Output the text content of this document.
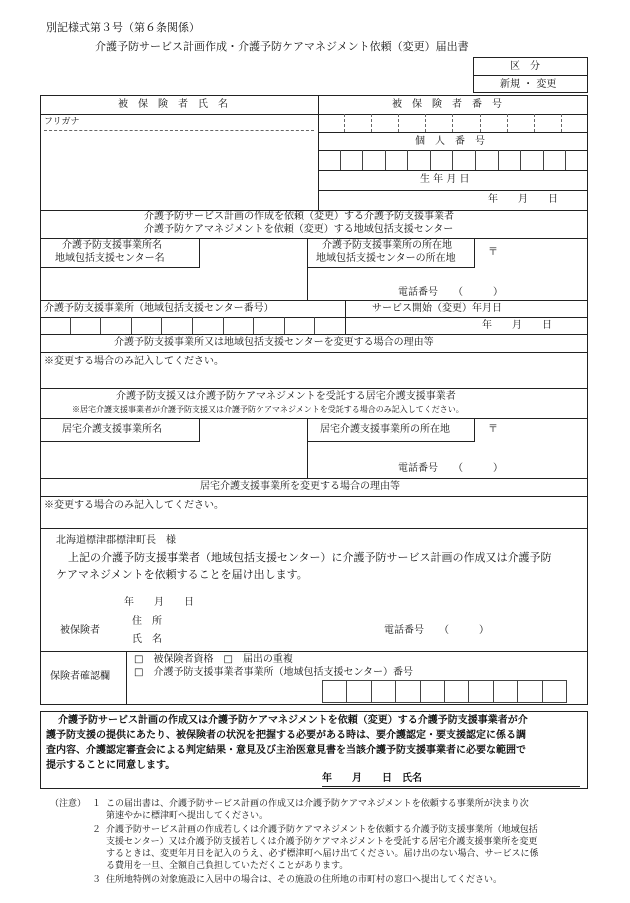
別記様式第３号（第６条関係）
介護予防サービス計画作成・介護予防ケアマネジメント依頼（変更）届出書
区　分
新規 ・ 変更
被　保　険　者　氏　名	被　保　険　者　番　号
フリガナ
個　人　番　号
生 年 月 日
年　　月　　日
介護予防サービス計画の作成を依頼（変更）する介護予防支援事業者
介護予防ケアマネジメントを依頼（変更）する地域包括支援センター
介護予防支援事業所名
地域包括支援センター名
介護予防支援事業所の所在地
地域包括支援センターの所在地
〒
電話番号　　（　　　）
介護予防支援事業所（地域包括支援センター番号）	サービス開始（変更）年月日
年　　月　　日
介護予防支援事業所又は地域包括支援センターを変更する場合の理由等
※変更する場合のみ記入してください。
介護予防支援又は介護予防ケアマネジメントを受託する居宅介護支援事業者
※居宅介護支援事業者が介護予防支援又は介護予防ケアマネジメントを受託する場合のみ記入してください。
居宅介護支援事業所名	居宅介護支援事業所の所在地	〒
電話番号　　（　　　）
居宅介護支援事業所を変更する場合の理由等
※変更する場合のみ記入してください。
北海道標津郡標津町長　様
上記の介護予防支援事業者（地域包括支援センター）に介護予防サービス計画の作成又は介護予防
ケアマネジメントを依頼することを届け出します。
年　　月　　日
被保険者
住　所
氏　名
電話番号　　（　　　）
保険者確認欄
□　被保険者資格　□　届出の重複
□　介護予防支援事業者事業所（地域包括支援センター）番号
介護予防サービス計画の作成又は介護予防ケアマネジメントを依頼（変更）する介護予防支援事業者が介
護予防支援の提供にあたり、被保険者の状況を把握する必要がある時は、要介護認定・要支援認定に係る調
査内容、介護認定審査会による判定結果・意見及び主治医意見書を当該介護予防支援事業者に必要な範囲で
提示することに同意します。
年　　月　　日　氏名
（注意） １ この届出書は、介護予防サービス計画の作成又は介護予防ケアマネジメントを依頼する事業所が決まり次
第速やかに標津町へ提出してください。
２ 介護予防サービス計画の作成若しくは介護予防ケアマネジメントを依頼する介護予防支援事業所（地域包括
支援センター）又は介護予防支援若しくは介護予防ケアマネジメントを受託する居宅介護支援事業所を変更
するときは、変更年月日を記入のうえ、必ず標津町へ届け出てください。届け出のない場合、サービスに係
る費用を一旦、全額自己負担していただくことがあります。
３ 住所地特例の対象施設に入居中の場合は、その施設の住所地の市町村の窓口へ提出してください。
